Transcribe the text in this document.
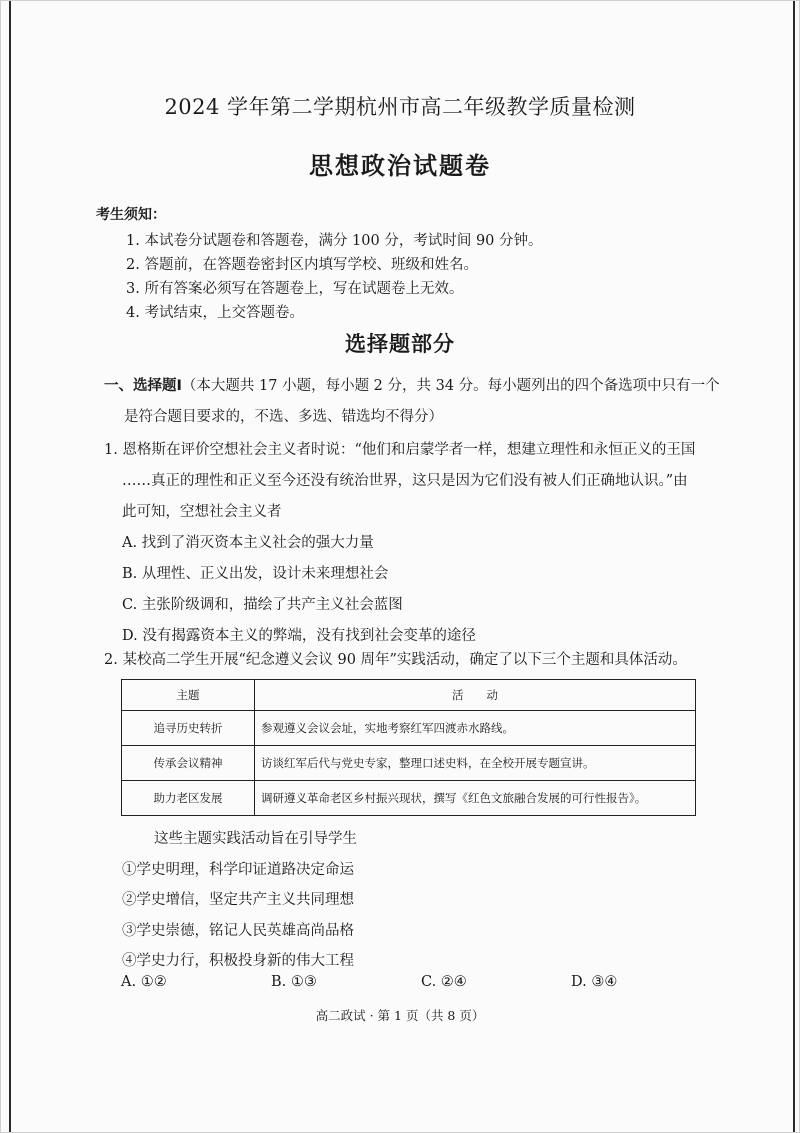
2024 学年第二学期杭州市高二年级教学质量检测
思想政治试题卷
考生须知：
1. 本试卷分试题卷和答题卷，满分 100 分，考试时间 90 分钟。
2. 答题前，在答题卷密封区内填写学校、班级和姓名。
3. 所有答案必须写在答题卷上，写在试题卷上无效。
4. 考试结束，上交答题卷。
选择题部分
一、选择题Ⅰ（本大题共 17 小题，每小题 2 分，共 34 分。每小题列出的四个备选项中只有一个
是符合题目要求的，不选、多选、错选均不得分）
1. 恩格斯在评价空想社会主义者时说：“他们和启蒙学者一样，想建立理性和永恒正义的王国
……真正的理性和正义至今还没有统治世界，这只是因为它们没有被人们正确地认识。”由
此可知，空想社会主义者
A. 找到了消灭资本主义社会的强大力量
B. 从理性、正义出发，设计未来理想社会
C. 主张阶级调和，描绘了共产主义社会蓝图
D. 没有揭露资本主义的弊端，没有找到社会变革的途径
2. 某校高二学生开展“纪念遵义会议 90 周年”实践活动，确定了以下三个主题和具体活动。
主题	活　　动
追寻历史转折	参观遵义会议会址，实地考察红军四渡赤水路线。
传承会议精神	访谈红军后代与党史专家，整理口述史料，在全校开展专题宣讲。
助力老区发展	调研遵义革命老区乡村振兴现状，撰写《红色文旅融合发展的可行性报告》。
这些主题实践活动旨在引导学生
①学史明理，科学印证道路决定命运
②学史增信，坚定共产主义共同理想
③学史崇德，铭记人民英雄高尚品格
④学史力行，积极投身新的伟大工程
A. ①②	B. ①③	C. ②④	D. ③④
高二政试 · 第 1 页（共 8 页）
